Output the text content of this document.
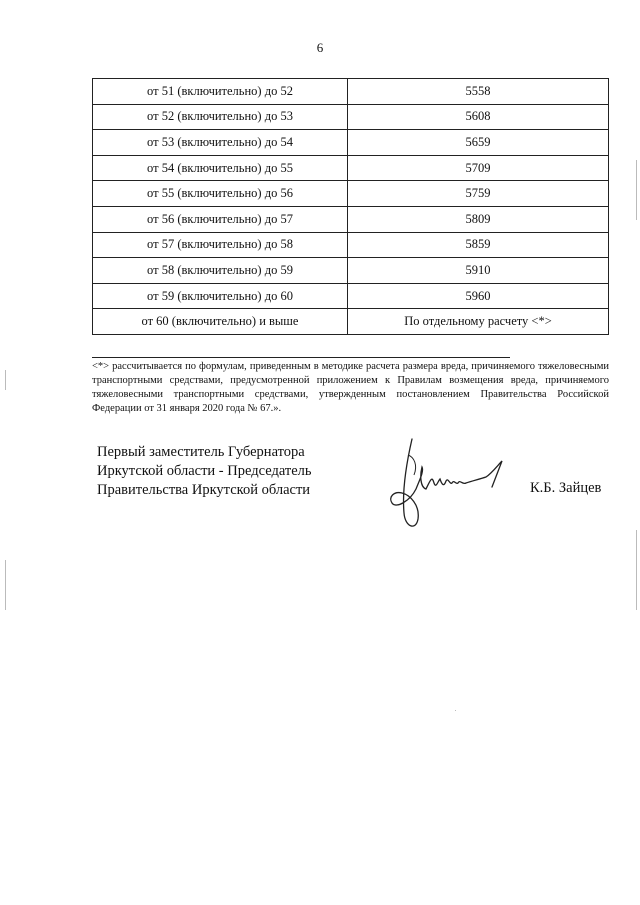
6
от 51 (включительно) до 52	5558
от 52 (включительно) до 53	5608
от 53 (включительно) до 54	5659
от 54 (включительно) до 55	5709
от 55 (включительно) до 56	5759
от 56 (включительно) до 57	5809
от 57 (включительно) до 58	5859
от 58 (включительно) до 59	5910
от 59 (включительно) до 60	5960
от 60 (включительно) и выше	По отдельному расчету <*>
<*> рассчитывается по формулам, приведенным в методике расчета размера вреда, причиняемого тяжеловесными транспортными средствами, предусмотренной приложением к Правилам возмещения вреда, причиняемого тяжеловесными транспортными средствами, утвержденным постановлением Правительства Российской Федерации от 31 января 2020 года № 67.».
Первый заместитель Губернатора
Иркутской области - Председатель
Правительства Иркутской области	К.Б. Зайцев
